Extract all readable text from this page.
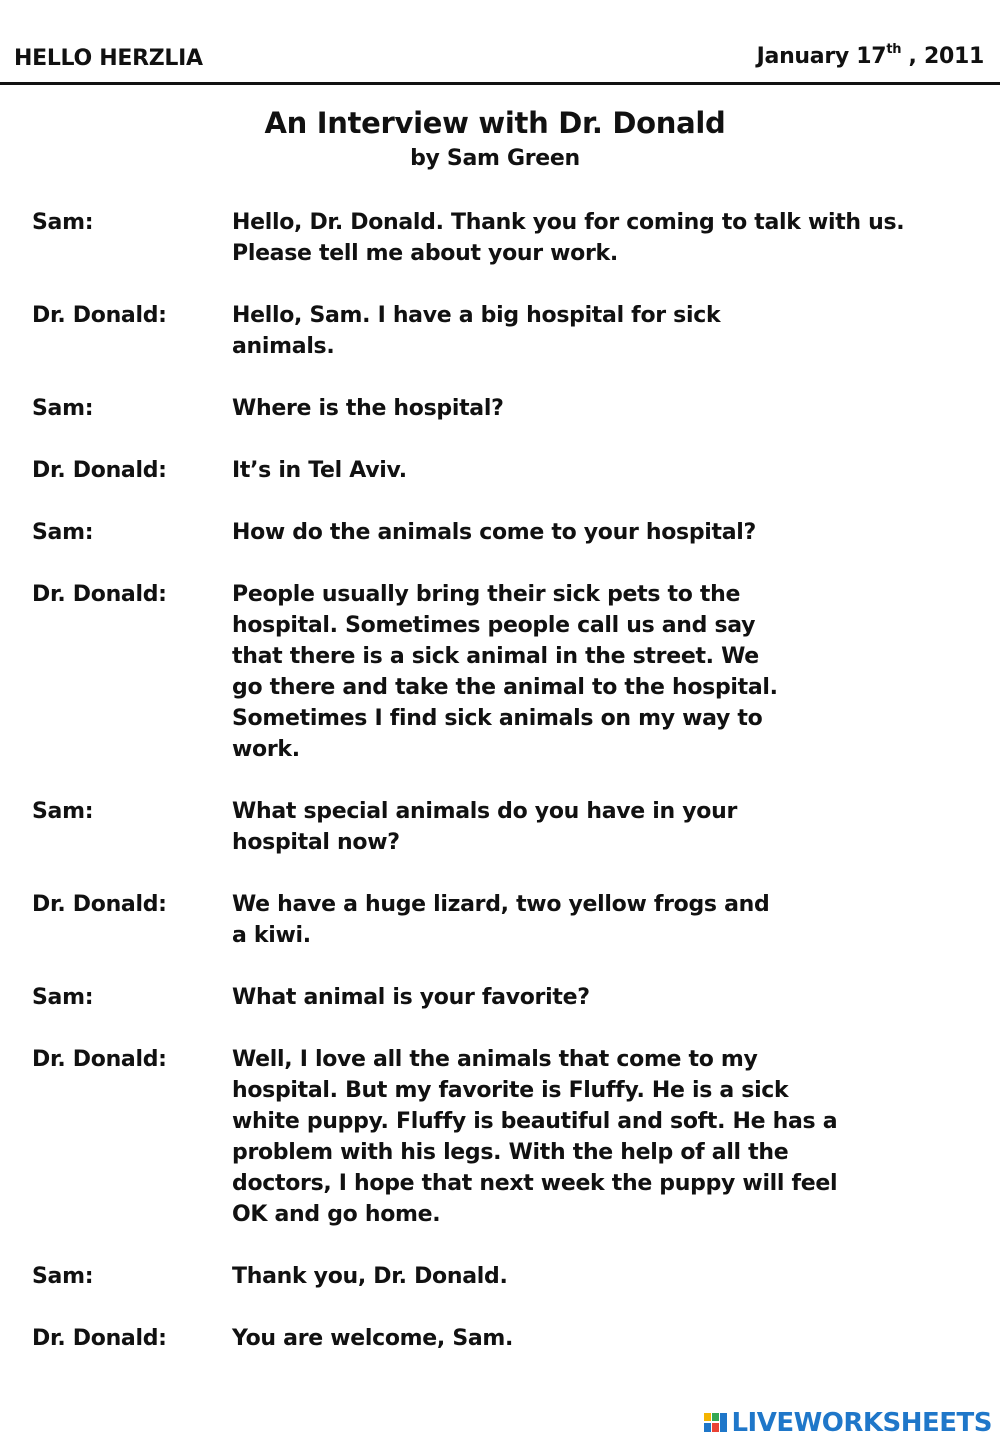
HELLO HERZLIA	January 17th , 2011
An Interview with Dr. Donald
by Sam Green
Sam:	Hello, Dr. Donald. Thank you for coming to talk with us.
Please tell me about your work.
Dr. Donald:	Hello, Sam. I have a big hospital for sick
animals.
Sam:	Where is the hospital?
Dr. Donald:	It’s in Tel Aviv.
Sam:	How do the animals come to your hospital?
Dr. Donald:	People usually bring their sick pets to the
hospital. Sometimes people call us and say
that there is a sick animal in the street. We
go there and take the animal to the hospital.
Sometimes I find sick animals on my way to
work.
Sam:	What special animals do you have in your
hospital now?
Dr. Donald:	We have a huge lizard, two yellow frogs and
a kiwi.
Sam:	What animal is your favorite?
Dr. Donald:	Well, I love all the animals that come to my
hospital. But my favorite is Fluffy. He is a sick
white puppy. Fluffy is beautiful and soft. He has a
problem with his legs. With the help of all the
doctors, I hope that next week the puppy will feel
OK and go home.
Sam:	Thank you, Dr. Donald.
Dr. Donald:	You are welcome, Sam.
LIVEWORKSHEETS
